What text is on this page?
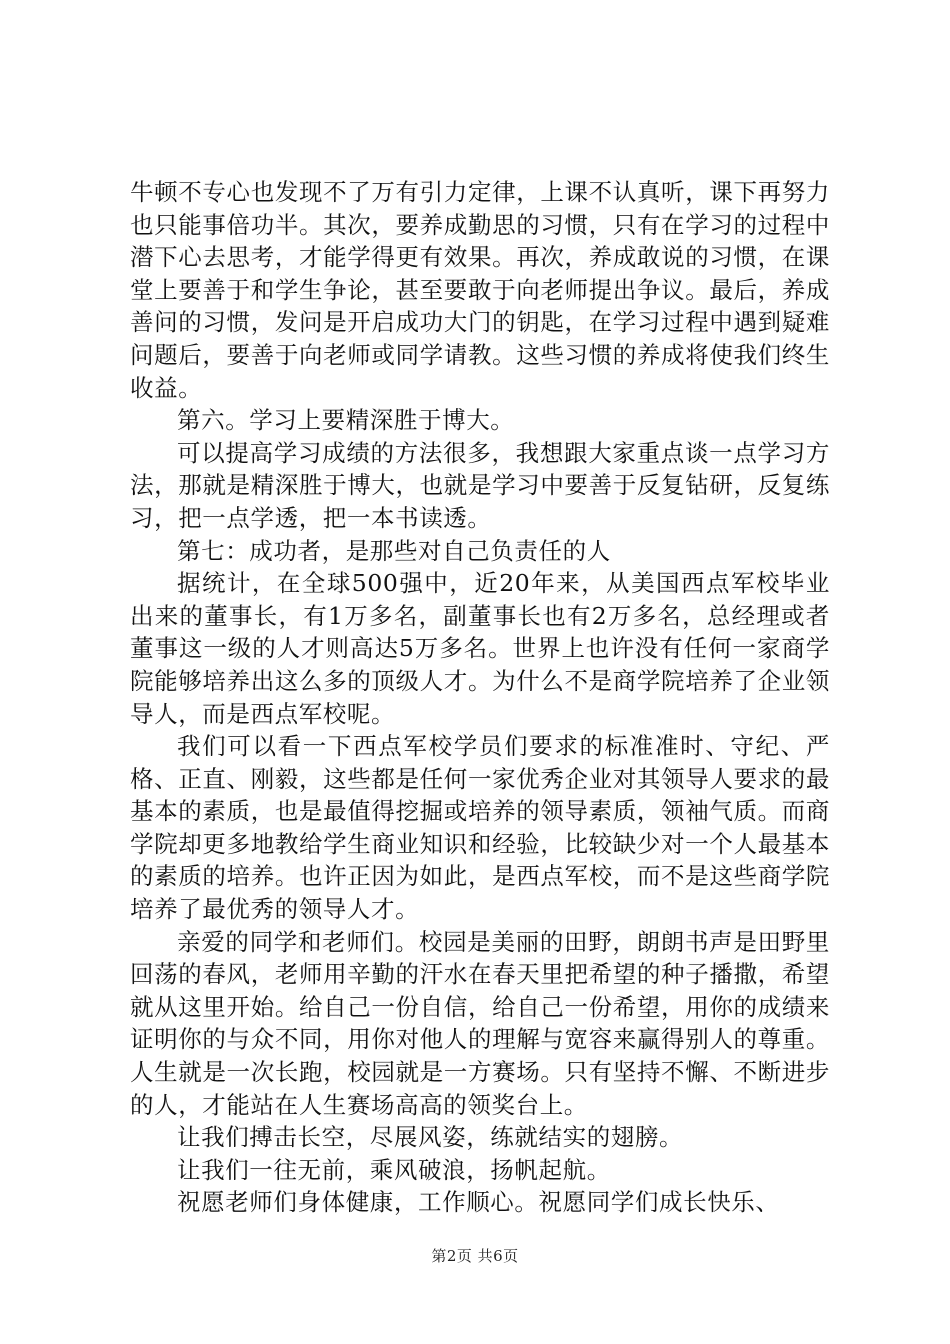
牛顿不专心也发现不了万有引力定律，上课不认真听，课下再努力也只能事倍功半。其次，要养成勤思的习惯，只有在学习的过程中潜下心去思考，才能学得更有效果。再次，养成敢说的习惯，在课堂上要善于和学生争论，甚至要敢于向老师提出争议。最后，养成善问的习惯，发问是开启成功大门的钥匙，在学习过程中遇到疑难问题后，要善于向老师或同学请教。这些习惯的养成将使我们终生收益。

第六。学习上要精深胜于博大。

可以提高学习成绩的方法很多，我想跟大家重点谈一点学习方法，那就是精深胜于博大，也就是学习中要善于反复钻研，反复练习，把一点学透，把一本书读透。

第七：成功者，是那些对自己负责任的人

据统计，在全球500强中，近20年来，从美国西点军校毕业出来的董事长，有1万多名，副董事长也有2万多名，总经理或者董事这一级的人才则高达5万多名。世界上也许没有任何一家商学院能够培养出这么多的顶级人才。为什么不是商学院培养了企业领导人，而是西点军校呢。

我们可以看一下西点军校学员们要求的标准准时、守纪、严格、正直、刚毅，这些都是任何一家优秀企业对其领导人要求的最基本的素质，也是最值得挖掘或培养的领导素质，领袖气质。而商学院却更多地教给学生商业知识和经验，比较缺少对一个人最基本的素质的培养。也许正因为如此，是西点军校，而不是这些商学院培养了最优秀的领导人才。

亲爱的同学和老师们。校园是美丽的田野，朗朗书声是田野里回荡的春风，老师用辛勤的汗水在春天里把希望的种子播撒，希望就从这里开始。给自己一份自信，给自己一份希望，用你的成绩来证明你的与众不同，用你对他人的理解与宽容来赢得别人的尊重。人生就是一次长跑，校园就是一方赛场。只有坚持不懈、不断进步的人，才能站在人生赛场高高的领奖台上。

让我们搏击长空，尽展风姿，练就结实的翅膀。

让我们一往无前，乘风破浪，扬帆起航。

祝愿老师们身体健康，工作顺心。祝愿同学们成长快乐、

第2页 共6页
